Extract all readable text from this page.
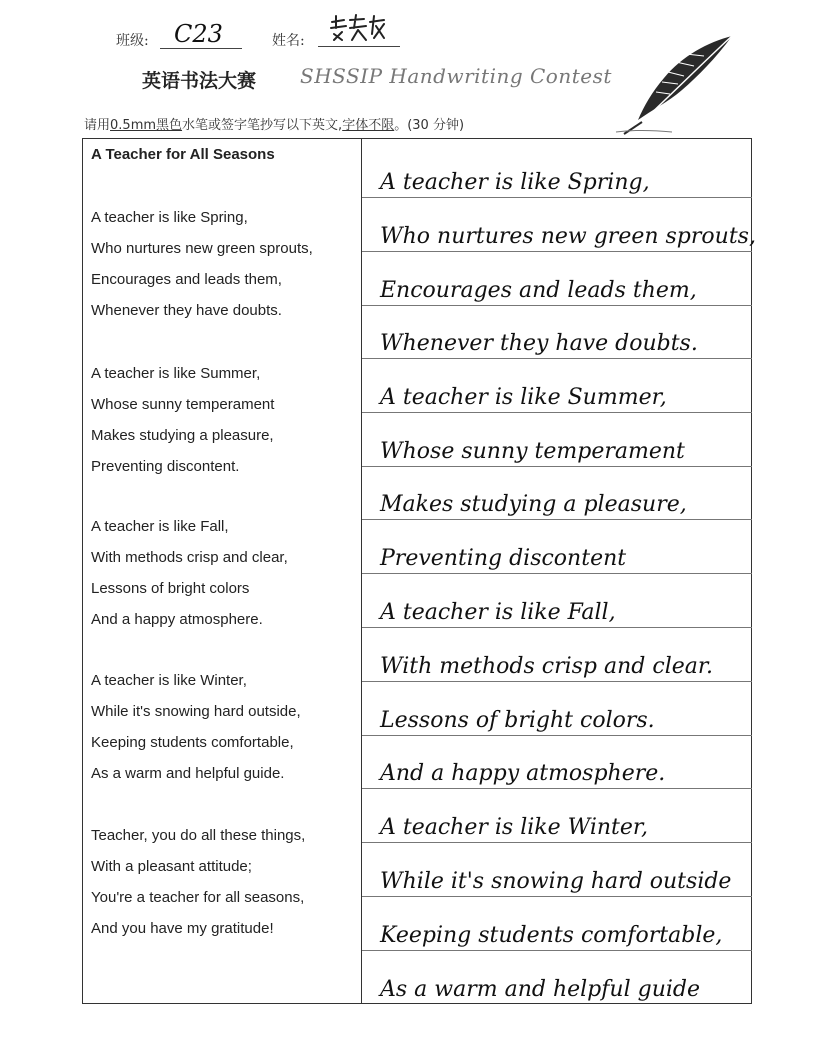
班级:	C23	姓名:
英语书法大赛 SHSSIP Handwriting Contest
请用0.5mm黑色水笔或签字笔抄写以下英文,字体不限。(30 分钟)
A Teacher for All Seasons
A teacher is like Spring,
Who nurtures new green sprouts,
Encourages and leads them,
Whenever they have doubts.
A teacher is like Summer,
Whose sunny temperament
Makes studying a pleasure,
Preventing discontent.
A teacher is like Fall,
With methods crisp and clear,
Lessons of bright colors
And a happy atmosphere.
A teacher is like Winter,
While it's snowing hard outside,
Keeping students comfortable,
As a warm and helpful guide.
Teacher, you do all these things,
With a pleasant attitude;
You're a teacher for all seasons,
And you have my gratitude!
A teacher is like Spring,
Who nurtures new green sprouts,
Encourages and leads them,
Whenever they have doubts.
A teacher is like Summer,
Whose sunny temperament
Makes studying a pleasure,
Preventing discontent
A teacher is like Fall,
With methods crisp and clear.
Lessons of bright colors.
And a happy atmosphere.
A teacher is like Winter,
While it's snowing hard outside
Keeping students comfortable,
As a warm and helpful guide
